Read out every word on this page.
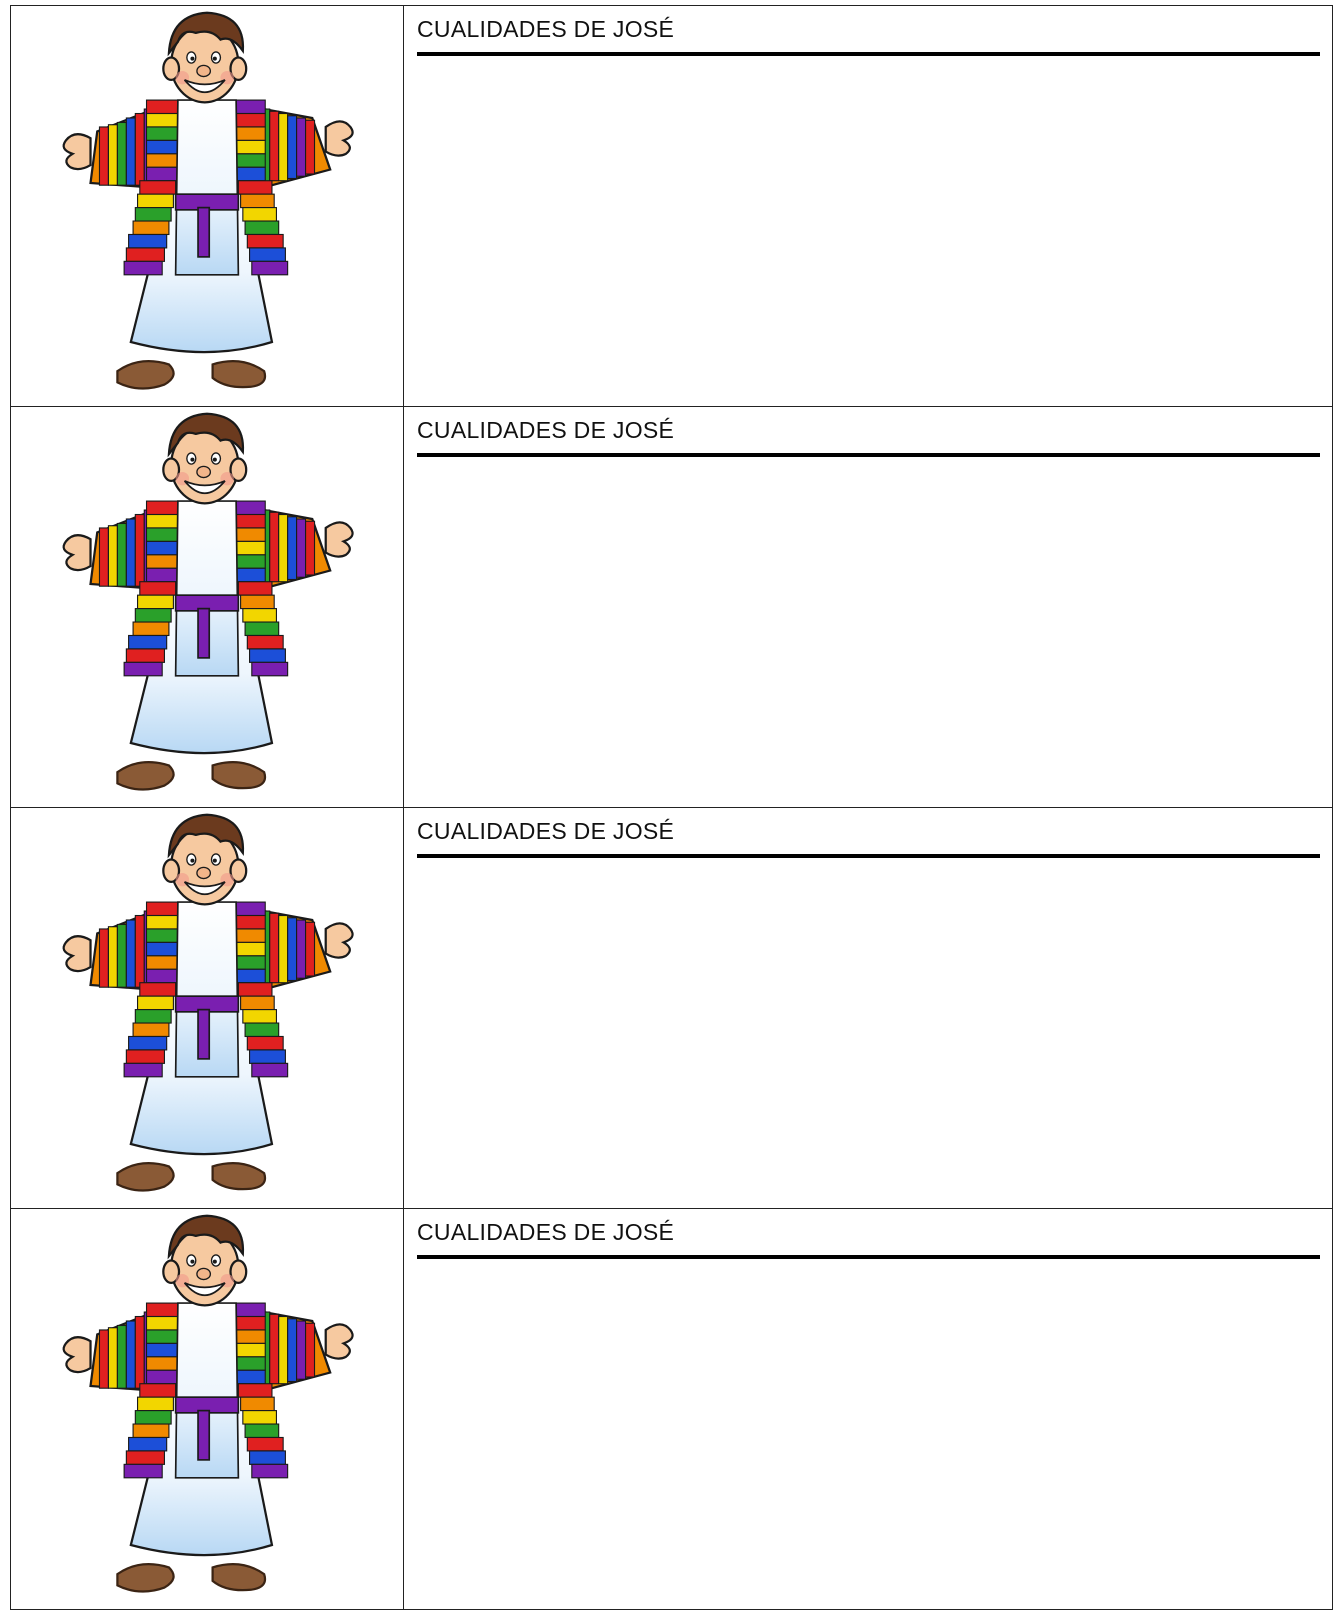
CUALIDADES DE JOSÉ

CUALIDADES DE JOSÉ

CUALIDADES DE JOSÉ

CUALIDADES DE JOSÉ
